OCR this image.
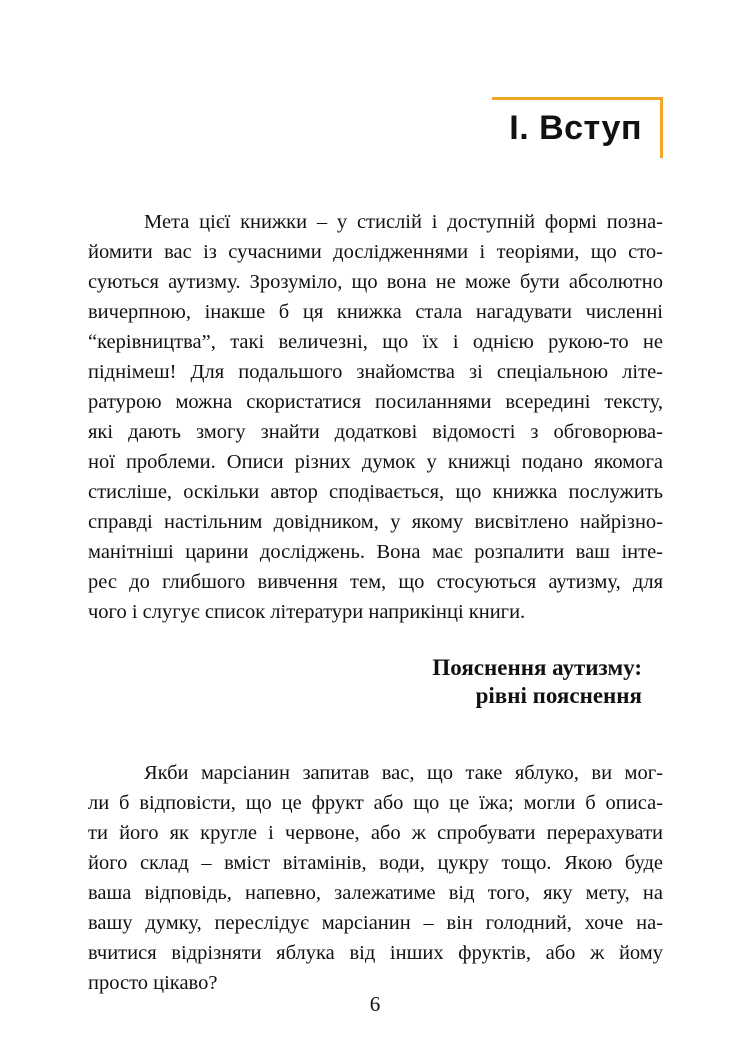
І. Вступ
Мета цієї книжки – у стислій і доступній формі позна-
йомити вас із сучасними дослідженнями і теоріями, що сто-
суються аутизму. Зрозуміло, що вона не може бути абсолютно
вичерпною, інакше б ця книжка стала нагадувати численні
“керівництва”, такі величезні, що їх і однією рукою-то не
піднімеш! Для подальшого знайомства зі спеціальною літе-
ратурою можна скористатися посиланнями всередині тексту,
які дають змогу знайти додаткові відомості з обговорюва-
ної проблеми. Описи різних думок у книжці подано якомога
стисліше, оскільки автор сподівається, що книжка послужить
справді настільним довідником, у якому висвітлено найрізно-
манітніші царини досліджень. Вона має розпалити ваш інте-
рес до глибшого вивчення тем, що стосуються аутизму, для
чого і слугує список літератури наприкінці книги.
Пояснення аутизму:
рівні пояснення
Якби марсіанин запитав вас, що таке яблуко, ви мог-
ли б відповісти, що це фрукт або що це їжа; могли б описа-
ти його як кругле і червоне, або ж спробувати перерахувати
його склад – вміст вітамінів, води, цукру тощо. Якою буде
ваша відповідь, напевно, залежатиме від того, яку мету, на
вашу думку, переслідує марсіанин – він голодний, хоче на-
вчитися відрізняти яблука від інших фруктів, або ж йому
просто цікаво?
6
